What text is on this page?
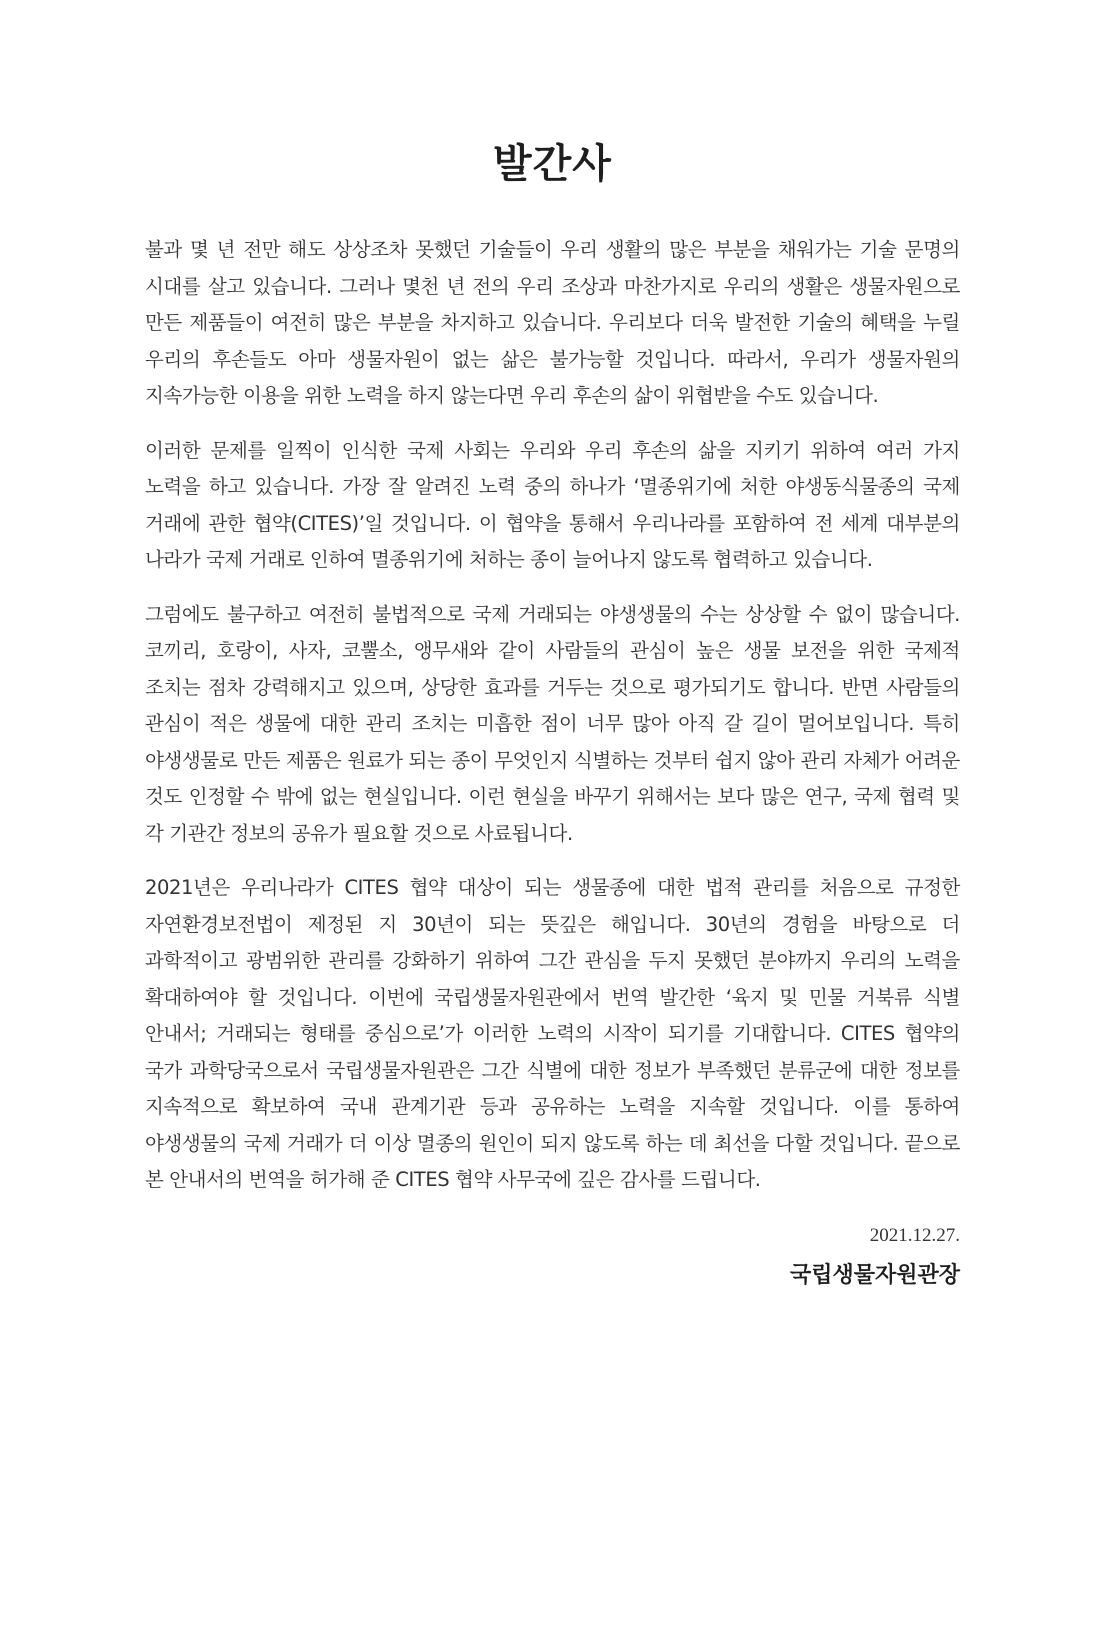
발간사

불과 몇 년 전만 해도 상상조차 못했던 기술들이 우리 생활의 많은 부분을 채워가는 기술 문명의 시대를 살고 있습니다. 그러나 몇천 년 전의 우리 조상과 마찬가지로 우리의 생활은 생물자원으로 만든 제품들이 여전히 많은 부분을 차지하고 있습니다. 우리보다 더욱 발전한 기술의 혜택을 누릴 우리의 후손들도 아마 생물자원이 없는 삶은 불가능할 것입니다. 따라서, 우리가 생물자원의 지속가능한 이용을 위한 노력을 하지 않는다면 우리 후손의 삶이 위협받을 수도 있습니다.

이러한 문제를 일찍이 인식한 국제 사회는 우리와 우리 후손의 삶을 지키기 위하여 여러 가지 노력을 하고 있습니다. 가장 잘 알려진 노력 중의 하나가 ‘멸종위기에 처한 야생동식물종의 국제 거래에 관한 협약(CITES)’일 것입니다. 이 협약을 통해서 우리나라를 포함하여 전 세계 대부분의 나라가 국제 거래로 인하여 멸종위기에 처하는 종이 늘어나지 않도록 협력하고 있습니다.

그럼에도 불구하고 여전히 불법적으로 국제 거래되는 야생생물의 수는 상상할 수 없이 많습니다. 코끼리, 호랑이, 사자, 코뿔소, 앵무새와 같이 사람들의 관심이 높은 생물 보전을 위한 국제적 조치는 점차 강력해지고 있으며, 상당한 효과를 거두는 것으로 평가되기도 합니다. 반면 사람들의 관심이 적은 생물에 대한 관리 조치는 미흡한 점이 너무 많아 아직 갈 길이 멀어보입니다. 특히 야생생물로 만든 제품은 원료가 되는 종이 무엇인지 식별하는 것부터 쉽지 않아 관리 자체가 어려운 것도 인정할 수 밖에 없는 현실입니다. 이런 현실을 바꾸기 위해서는 보다 많은 연구, 국제 협력 및 각 기관간 정보의 공유가 필요할 것으로 사료됩니다.

2021년은 우리나라가 CITES 협약 대상이 되는 생물종에 대한 법적 관리를 처음으로 규정한 자연환경보전법이 제정된 지 30년이 되는 뜻깊은 해입니다. 30년의 경험을 바탕으로 더 과학적이고 광범위한 관리를 강화하기 위하여 그간 관심을 두지 못했던 분야까지 우리의 노력을 확대하여야 할 것입니다. 이번에 국립생물자원관에서 번역 발간한 ‘육지 및 민물 거북류 식별 안내서; 거래되는 형태를 중심으로’가 이러한 노력의 시작이 되기를 기대합니다. CITES 협약의 국가 과학당국으로서 국립생물자원관은 그간 식별에 대한 정보가 부족했던 분류군에 대한 정보를 지속적으로 확보하여 국내 관계기관 등과 공유하는 노력을 지속할 것입니다. 이를 통하여 야생생물의 국제 거래가 더 이상 멸종의 원인이 되지 않도록 하는 데 최선을 다할 것입니다. 끝으로 본 안내서의 번역을 허가해 준 CITES 협약 사무국에 깊은 감사를 드립니다.

2021.12.27.
국립생물자원관장
